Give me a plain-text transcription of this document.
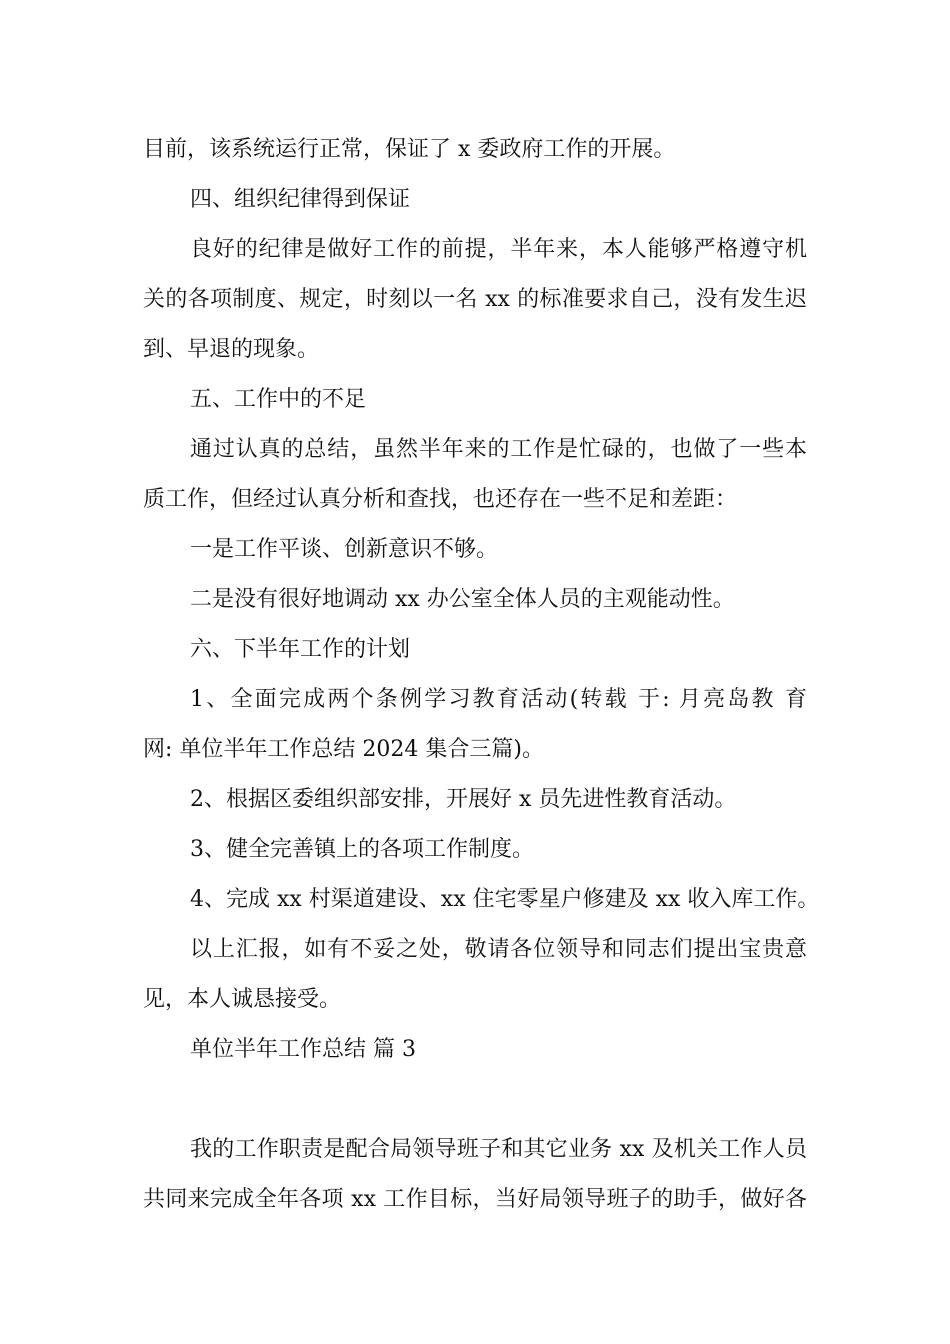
目前，该系统运行正常，保证了 x 委政府工作的开展。
四、组织纪律得到保证
良好的纪律是做好工作的前提，半年来，本人能够严格遵守机
关的各项制度、规定，时刻以一名 xx 的标准要求自己，没有发生迟
到、早退的现象。
五、工作中的不足
通过认真的总结，虽然半年来的工作是忙碌的，也做了一些本
质工作，但经过认真分析和查找，也还存在一些不足和差距：
一是工作平谈、创新意识不够。
二是没有很好地调动 xx 办公室全体人员的主观能动性。
六、下半年工作的计划
1、全面完成两个条例学习教育活动(转载 于: 月亮岛教 育
网: 单位半年工作总结 2024 集合三篇)。
2、根据区委组织部安排，开展好 x 员先进性教育活动。
3、健全完善镇上的各项工作制度。
4、完成 xx 村渠道建设、xx 住宅零星户修建及 xx 收入库工作。
以上汇报，如有不妥之处，敬请各位领导和同志们提出宝贵意
见，本人诚恳接受。
单位半年工作总结 篇 3
我的工作职责是配合局领导班子和其它业务 xx 及机关工作人员
共同来完成全年各项 xx 工作目标，当好局领导班子的助手，做好各
